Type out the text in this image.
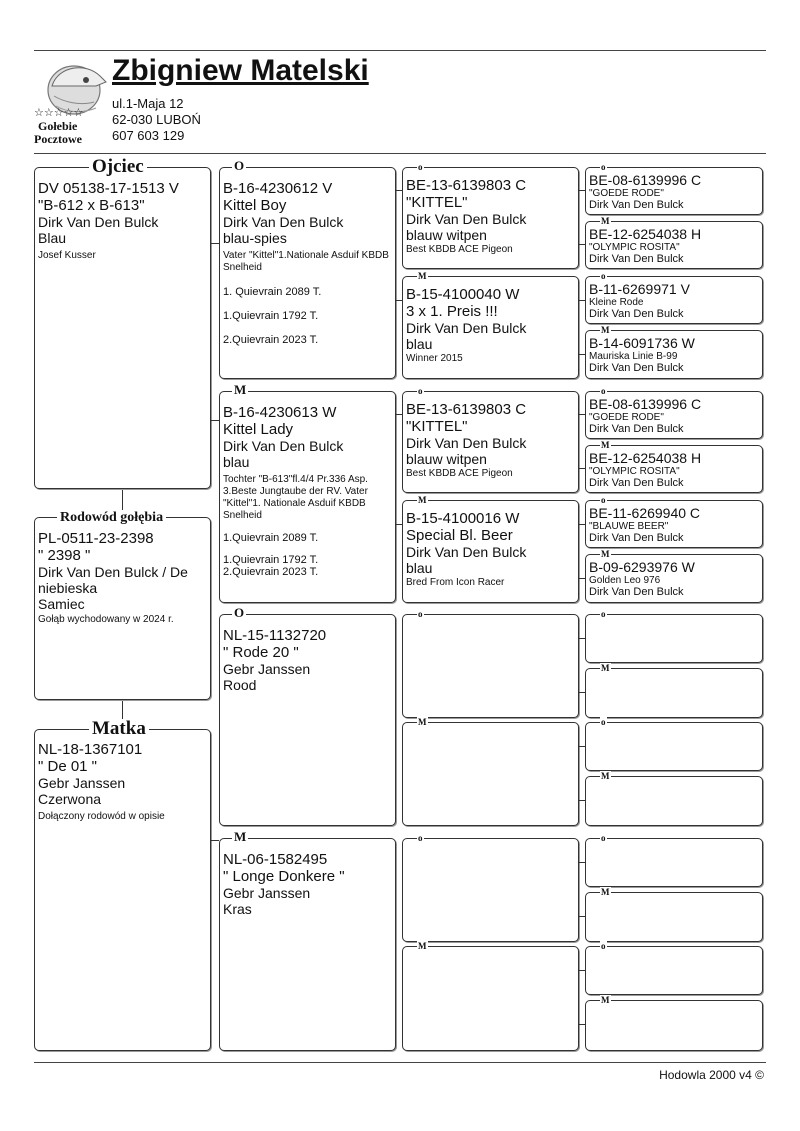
☆☆☆☆☆
Gołebie
Pocztowe
Zbigniew Matelski
ul.1-Maja 12
62-030 LUBOŃ
607 603 129
Ojciec
DV 05138-17-1513 V
"B-612 x B-613"
Dirk Van Den Bulck
Blau
Josef Kusser
Rodowód gołębia
PL-0511-23-2398
" 2398 "
Dirk Van Den Bulck / De niebieska
Samiec
Gołąb wychodowany w 2024 r.
Matka
NL-18-1367101
" De 01 "
Gebr Janssen
Czerwona
Dołączony rodowód w opisie
O
B-16-4230612 V
Kittel Boy
Dirk Van Den Bulck
blau-spies
Vater "Kittel"1.Nationale Asduif KBDB Snelheid
1. Quievrain 2089 T.
1.Quievrain 1792 T.
2.Quievrain 2023 T.
M
B-16-4230613 W
Kittel Lady
Dirk Van Den Bulck
blau
Tochter "B-613"fl.4/4 Pr.336 Asp. 3.Beste Jungtaube der RV. Vater "Kittel"1. Nationale Asduif KBDB Snelheid
1.Quievrain 2089 T.
1.Quievrain 1792 T.
2.Quievrain 2023 T.
O
NL-15-1132720
" Rode 20 "
Gebr Janssen
Rood
M
NL-06-1582495
" Longe Donkere "
Gebr Janssen
Kras
o
BE-13-6139803 C
"KITTEL"
Dirk Van Den Bulck
blauw witpen
Best KBDB ACE Pigeon
M
B-15-4100040 W
3 x 1. Preis !!!
Dirk Van Den Bulck
blau
Winner 2015
o
BE-13-6139803 C
"KITTEL"
Dirk Van Den Bulck
blauw witpen
Best KBDB ACE Pigeon
M
B-15-4100016 W
Special Bl. Beer
Dirk Van Den Bulck
blau
Bred From Icon Racer
o
M
o
M
o
BE-08-6139996 C
"GOEDE RODE"
Dirk Van Den Bulck
M
BE-12-6254038 H
"OLYMPIC ROSITA"
Dirk Van Den Bulck
o
B-11-6269971 V
Kleine Rode
Dirk Van Den Bulck
M
B-14-6091736 W
Mauriska Linie B-99
Dirk Van Den Bulck
o
BE-08-6139996 C
"GOEDE RODE"
Dirk Van Den Bulck
M
BE-12-6254038 H
"OLYMPIC ROSITA"
Dirk Van Den Bulck
o
BE-11-6269940 C
"BLAUWE BEER"
Dirk Van Den Bulck
M
B-09-6293976 W
Golden Leo 976
Dirk Van Den Bulck
o
M
o
M
o
M
o
M
Hodowla 2000 v4 ©
